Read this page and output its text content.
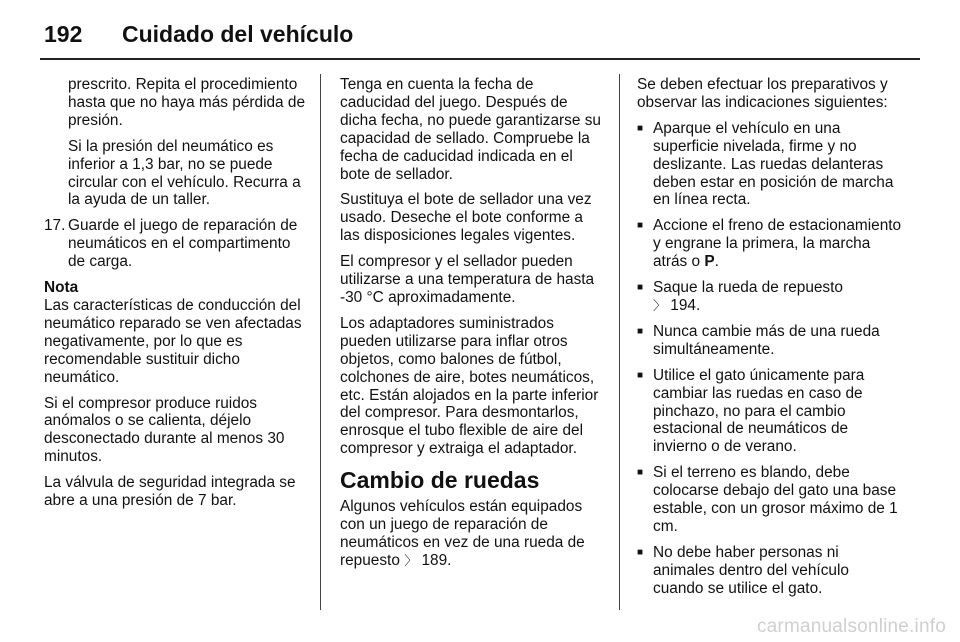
192	Cuidado del vehículo

prescrito. Repita el procedimiento hasta que no haya más pérdida de presión.

Si la presión del neumático es inferior a 1,3 bar, no se puede circular con el vehículo. Recurra a la ayuda de un taller.

17. Guarde el juego de reparación de neumáticos en el compartimento de carga.

Nota

Las características de conducción del neumático reparado se ven afectadas negativamente, por lo que es recomendable sustituir dicho neumático.

Si el compresor produce ruidos anómalos o se calienta, déjelo desconectado durante al menos 30 minutos.

La válvula de seguridad integrada se abre a una presión de 7 bar.

Tenga en cuenta la fecha de caducidad del juego. Después de dicha fecha, no puede garantizarse su capacidad de sellado. Compruebe la fecha de caducidad indicada en el bote de sellador.

Sustituya el bote de sellador una vez usado. Deseche el bote conforme a las disposiciones legales vigentes.

El compresor y el sellador pueden utilizarse a una temperatura de hasta -30 °C aproximadamente.

Los adaptadores suministrados pueden utilizarse para inflar otros objetos, como balones de fútbol, colchones de aire, botes neumáticos, etc. Están alojados en la parte inferior del compresor. Para desmontarlos, enrosque el tubo flexible de aire del compresor y extraiga el adaptador.

Cambio de ruedas

Algunos vehículos están equipados con un juego de reparación de neumáticos en vez de una rueda de repuesto 〉 189.

Se deben efectuar los preparativos y observar las indicaciones siguientes:

■ Aparque el vehículo en una superficie nivelada, firme y no deslizante. Las ruedas delanteras deben estar en posición de marcha en línea recta.
■ Accione el freno de estacionamiento y engrane la primera, la marcha atrás o P.
■ Saque la rueda de repuesto
〉 194.
■ Nunca cambie más de una rueda simultáneamente.
■ Utilice el gato únicamente para cambiar las ruedas en caso de pinchazo, no para el cambio estacional de neumáticos de invierno o de verano.
■ Si el terreno es blando, debe colocarse debajo del gato una base estable, con un grosor máximo de 1 cm.
■ No debe haber personas ni animales dentro del vehículo cuando se utilice el gato.
carmanualsonline.info
